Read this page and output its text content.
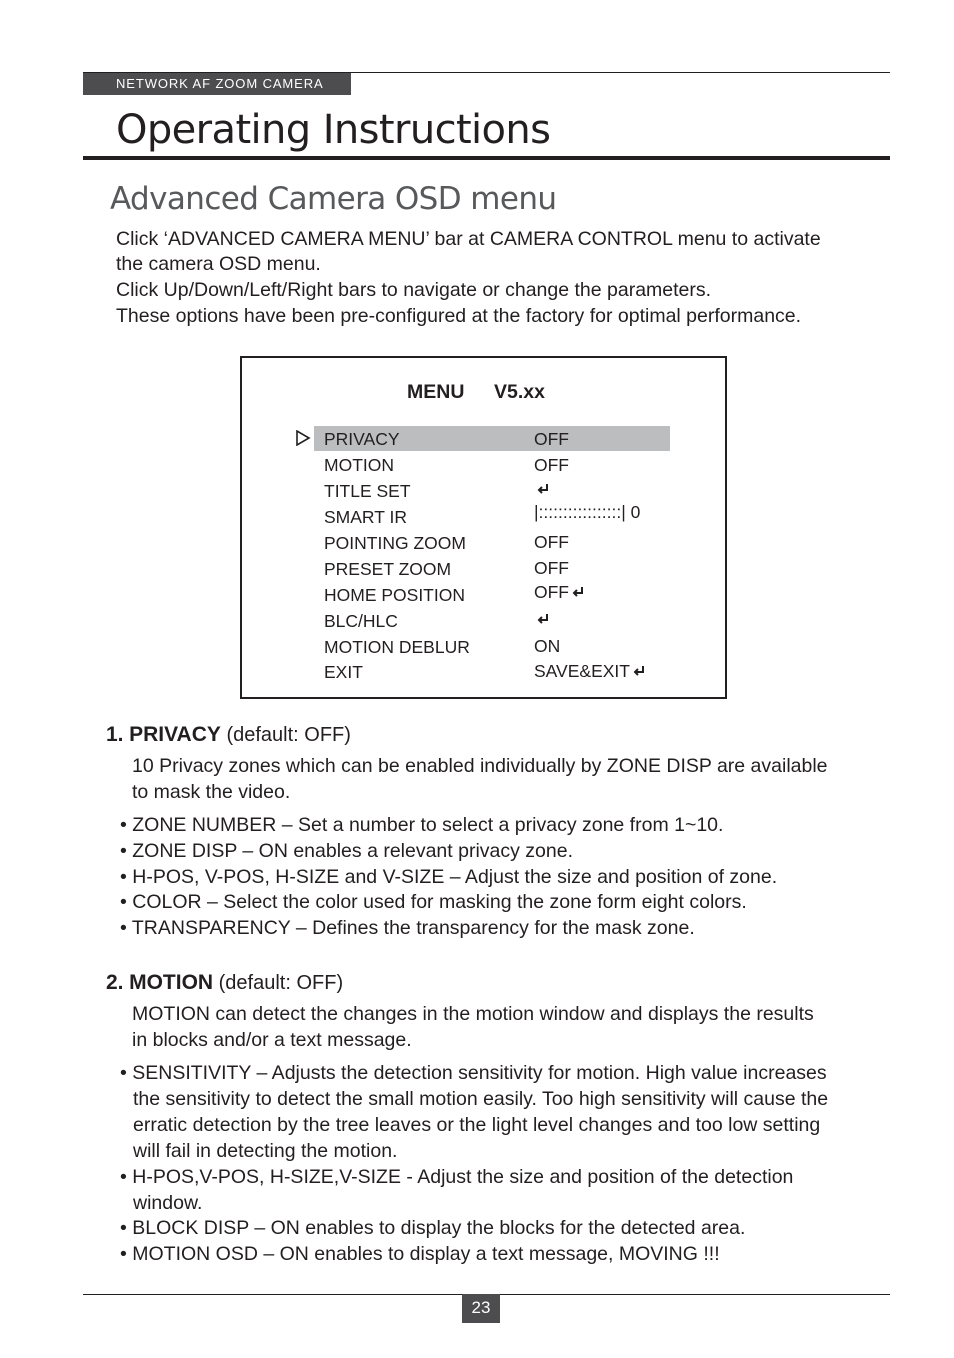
NETWORK AF ZOOM CAMERA
Operating Instructions
Advanced Camera OSD menu

Click ‘ADVANCED CAMERA MENU’ bar at CAMERA CONTROL menu to activate

the camera OSD menu.

Click Up/Down/Left/Right bars to navigate or change the parameters.

These options have been pre-configured at the factory for optimal performance.

MENU V5.xx
PRIVACY
MOTION
TITLE SET
SMART IR
POINTING ZOOM
PRESET ZOOM
HOME POSITION
BLC/HLC
MOTION DEBLUR
EXIT
OFF
OFF
|:::::::::::::::::| 0
OFF
OFF
OFF
ON
SAVE&EXIT
1. PRIVACY (default: OFF)

10 Privacy zones which can be enabled individually by ZONE DISP are available

to mask the video.

• ZONE NUMBER – Set a number to select a privacy zone from 1~10.

• ZONE DISP – ON enables a relevant privacy zone.

• H-POS, V-POS, H-SIZE and V-SIZE – Adjust the size and position of zone.

• COLOR – Select the color used for masking the zone form eight colors.

• TRANSPARENCY – Defines the transparency for the mask zone.

2. MOTION (default: OFF)

MOTION can detect the changes in the motion window and displays the results

in blocks and/or a text message.

• SENSITIVITY – Adjusts the detection sensitivity for motion. High value increases

the sensitivity to detect the small motion easily. Too high sensitivity will cause the

erratic detection by the tree leaves or the light level changes and too low setting

will fail in detecting the motion.

• H-POS,V-POS, H-SIZE,V-SIZE - Adjust the size and position of the detection

window.

• BLOCK DISP – ON enables to display the blocks for the detected area.

• MOTION OSD – ON enables to display a text message, MOVING !!!

23
